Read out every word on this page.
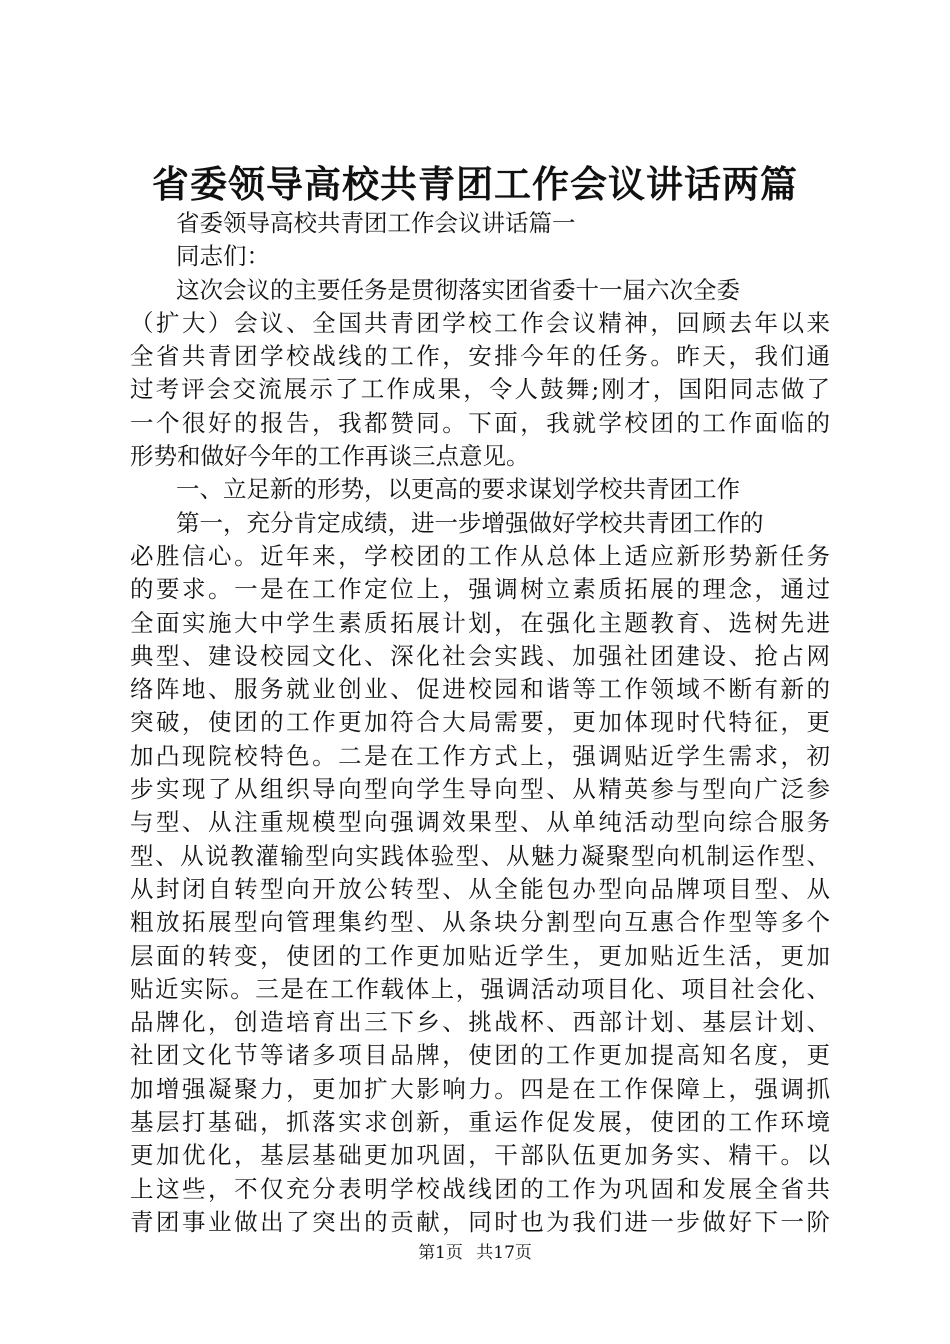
省委领导高校共青团工作会议讲话两篇
省委领导高校共青团工作会议讲话篇一
同志们：
这次会议的主要任务是贯彻落实团省委十一届六次全委
（扩大）会议、全国共青团学校工作会议精神，回顾去年以来
全省共青团学校战线的工作，安排今年的任务。昨天，我们通
过考评会交流展示了工作成果，令人鼓舞;刚才，国阳同志做了
一个很好的报告，我都赞同。下面，我就学校团的工作面临的
形势和做好今年的工作再谈三点意见。
一、立足新的形势，以更高的要求谋划学校共青团工作
第一，充分肯定成绩，进一步增强做好学校共青团工作的
必胜信心。近年来，学校团的工作从总体上适应新形势新任务
的要求。一是在工作定位上，强调树立素质拓展的理念，通过
全面实施大中学生素质拓展计划，在强化主题教育、选树先进
典型、建设校园文化、深化社会实践、加强社团建设、抢占网
络阵地、服务就业创业、促进校园和谐等工作领域不断有新的
突破，使团的工作更加符合大局需要，更加体现时代特征，更
加凸现院校特色。二是在工作方式上，强调贴近学生需求，初
步实现了从组织导向型向学生导向型、从精英参与型向广泛参
与型、从注重规模型向强调效果型、从单纯活动型向综合服务
型、从说教灌输型向实践体验型、从魅力凝聚型向机制运作型、
从封闭自转型向开放公转型、从全能包办型向品牌项目型、从
粗放拓展型向管理集约型、从条块分割型向互惠合作型等多个
层面的转变，使团的工作更加贴近学生，更加贴近生活，更加
贴近实际。三是在工作载体上，强调活动项目化、项目社会化、
品牌化，创造培育出三下乡、挑战杯、西部计划、基层计划、
社团文化节等诸多项目品牌，使团的工作更加提高知名度，更
加增强凝聚力，更加扩大影响力。四是在工作保障上，强调抓
基层打基础，抓落实求创新，重运作促发展，使团的工作环境
更加优化，基层基础更加巩固，干部队伍更加务实、精干。以
上这些，不仅充分表明学校战线团的工作为巩固和发展全省共
青团事业做出了突出的贡献，同时也为我们进一步做好下一阶
第1页 共17页
